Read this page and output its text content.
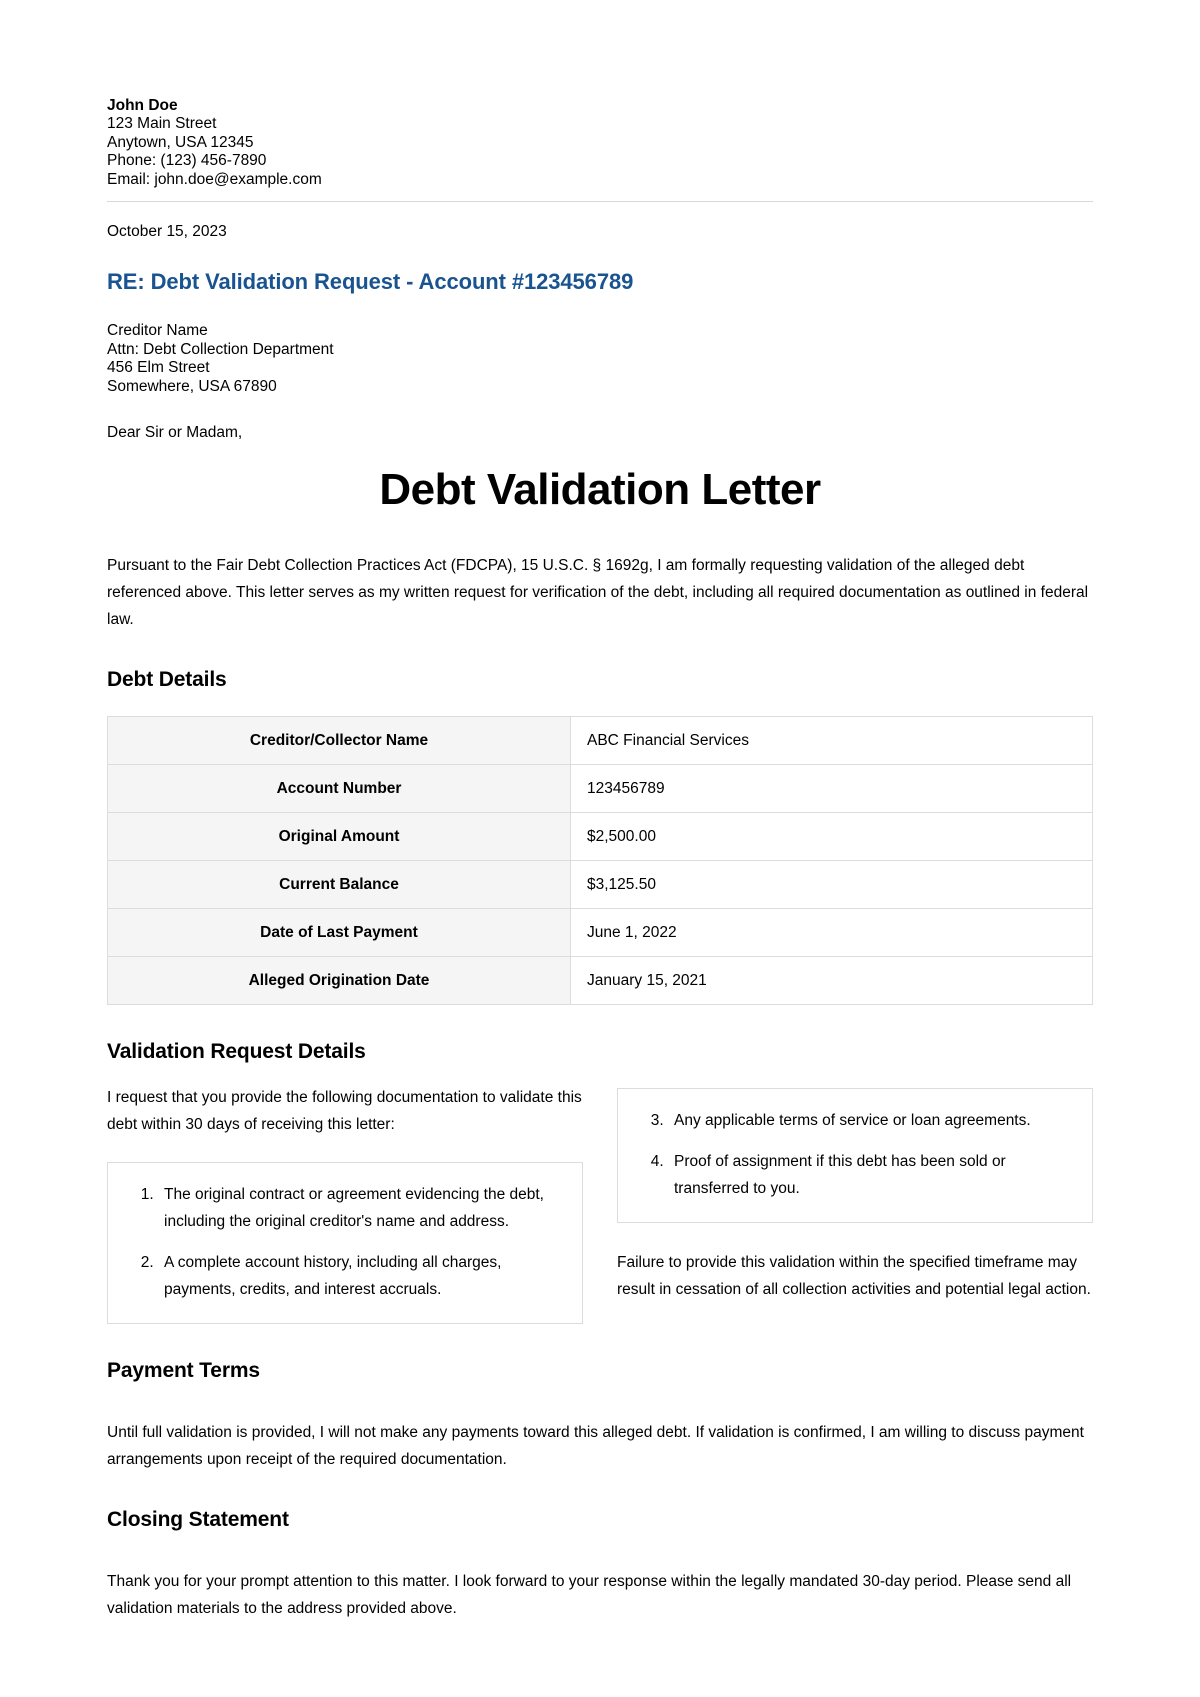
John Doe
123 Main Street
Anytown, USA 12345
Phone: (123) 456-7890
Email: john.doe@example.com
October 15, 2023
RE: Debt Validation Request - Account #123456789
Creditor Name
Attn: Debt Collection Department
456 Elm Street
Somewhere, USA 67890
Dear Sir or Madam,
Debt Validation Letter

Pursuant to the Fair Debt Collection Practices Act (FDCPA), 15 U.S.C. § 1692g, I am formally requesting validation of the alleged debt referenced above. This letter serves as my written request for verification of the debt, including all required documentation as outlined in federal law.

Debt Details
Creditor/Collector Name	ABC Financial Services
Account Number	123456789
Original Amount	$2,500.00
Current Balance	$3,125.50
Date of Last Payment	June 1, 2022
Alleged Origination Date	January 15, 2021
Validation Request Details

I request that you provide the following documentation to validate this debt within 30 days of receiving this letter:

1. The original contract or agreement evidencing the debt, including the original creditor's name and address.
2. A complete account history, including all charges, payments, credits, and interest accruals.
3. Any applicable terms of service or loan agreements.
4. Proof of assignment if this debt has been sold or transferred to you.

Failure to provide this validation within the specified timeframe may result in cessation of all collection activities and potential legal action.

Payment Terms

Until full validation is provided, I will not make any payments toward this alleged debt. If validation is confirmed, I am willing to discuss payment arrangements upon receipt of the required documentation.

Closing Statement

Thank you for your prompt attention to this matter. I look forward to your response within the legally mandated 30-day period. Please send all validation materials to the address provided above.
